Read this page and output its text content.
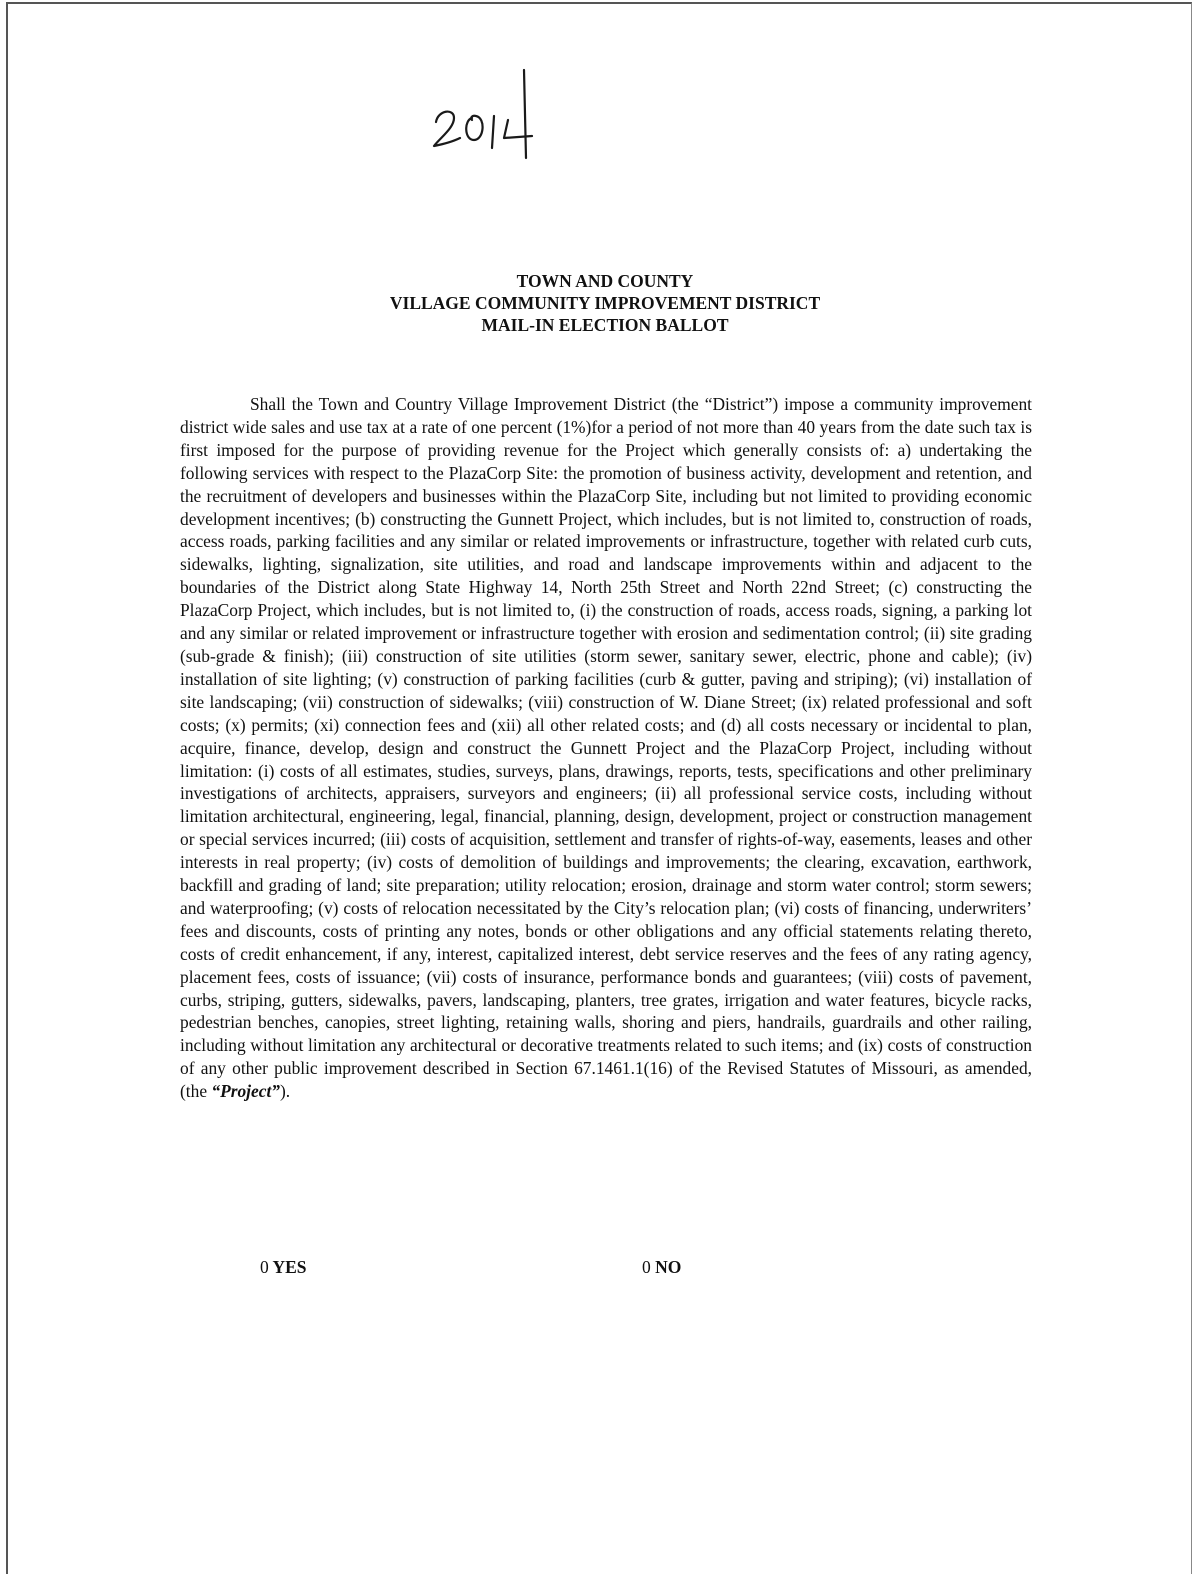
TOWN AND COUNTY
VILLAGE COMMUNITY IMPROVEMENT DISTRICT
MAIL-IN ELECTION BALLOT

Shall the Town and Country Village Improvement District (the “District”) impose a community improvement district wide sales and use tax at a rate of one percent (1%)for a period of not more than 40 years from the date such tax is first imposed for the purpose of providing revenue for the Project which generally consists of: a) undertaking the following services with respect to the PlazaCorp Site: the promotion of business activity, development and retention, and the recruitment of developers and businesses within the PlazaCorp Site, including but not limited to providing economic development incentives; (b) constructing the Gunnett Project, which includes, but is not limited to, construction of roads, access roads, parking facilities and any similar or related improvements or infrastructure, together with related curb cuts, sidewalks, lighting, signalization, site utilities, and road and landscape improvements within and adjacent to the boundaries of the District along State Highway 14, North 25th Street and North 22nd Street; (c) constructing the PlazaCorp Project, which includes, but is not limited to, (i) the construction of roads, access roads, signing, a parking lot and any similar or related improvement or infrastructure together with erosion and sedimentation control; (ii) site grading (sub-grade & finish); (iii) construction of site utilities (storm sewer, sanitary sewer, electric, phone and cable); (iv) installation of site lighting; (v) construction of parking facilities (curb & gutter, paving and striping); (vi) installation of site landscaping; (vii) construction of sidewalks; (viii) construction of W. Diane Street; (ix) related professional and soft costs; (x) permits; (xi) connection fees and (xii) all other related costs; and (d) all costs necessary or incidental to plan, acquire, finance, develop, design and construct the Gunnett Project and the PlazaCorp Project, including without limitation: (i) costs of all estimates, studies, surveys, plans, drawings, reports, tests, specifications and other preliminary investigations of architects, appraisers, surveyors and engineers; (ii) all professional service costs, including without limitation architectural, engineering, legal, financial, planning, design, development, project or construction management or special services incurred; (iii) costs of acquisition, settlement and transfer of rights-of-way, easements, leases and other interests in real property; (iv) costs of demolition of buildings and improvements; the clearing, excavation, earthwork, backfill and grading of land; site preparation; utility relocation; erosion, drainage and storm water control; storm sewers; and waterproofing; (v) costs of relocation necessitated by the City’s relocation plan; (vi) costs of financing, underwriters’ fees and discounts, costs of printing any notes, bonds or other obligations and any official statements relating thereto, costs of credit enhancement, if any, interest, capitalized interest, debt service reserves and the fees of any rating agency, placement fees, costs of issuance; (vii) costs of insurance, performance bonds and guarantees; (viii) costs of pavement, curbs, striping, gutters, sidewalks, pavers, landscaping, planters, tree grates, irrigation and water features, bicycle racks, pedestrian benches, canopies, street lighting, retaining walls, shoring and piers, handrails, guardrails and other railing, including without limitation any architectural or decorative treatments related to such items; and (ix) costs of construction of any other public improvement described in Section 67.1461.1(16) of the Revised Statutes of Missouri, as amended, (the “Project”).

0 YES	0 NO
